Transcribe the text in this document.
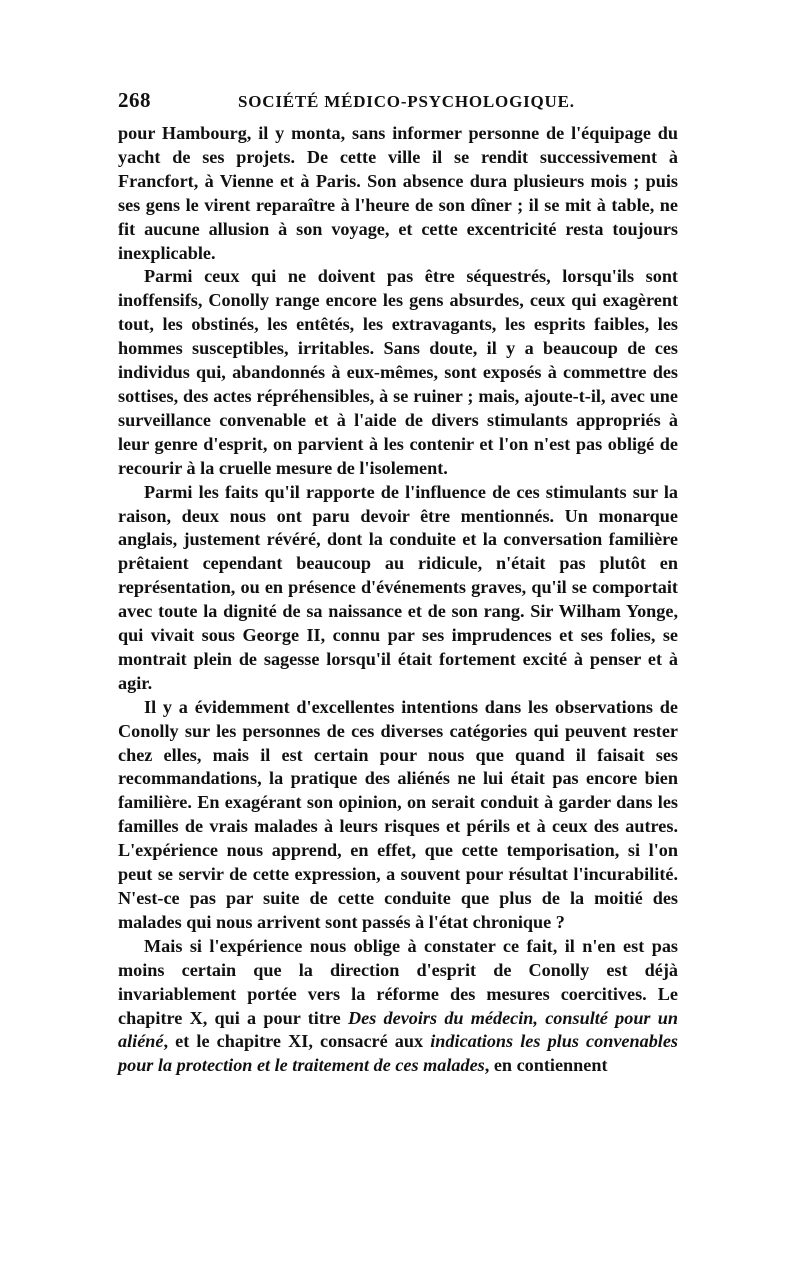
268	SOCIÉTÉ MÉDICO-PSYCHOLOGIQUE.

pour Hambourg, il y monta, sans informer personne de l'équipage du yacht de ses projets. De cette ville il se rendit successivement à Francfort, à Vienne et à Paris. Son absence dura plusieurs mois ; puis ses gens le virent reparaître à l'heure de son dîner ; il se mit à table, ne fit aucune allusion à son voyage, et cette excentricité resta toujours inexplicable.

Parmi ceux qui ne doivent pas être séquestrés, lorsqu'ils sont inoffensifs, Conolly range encore les gens absurdes, ceux qui exagèrent tout, les obstinés, les entêtés, les extravagants, les esprits faibles, les hommes susceptibles, irritables. Sans doute, il y a beaucoup de ces individus qui, abandonnés à eux-mêmes, sont exposés à commettre des sottises, des actes répréhensibles, à se ruiner ; mais, ajoute-t-il, avec une surveillance convenable et à l'aide de divers stimulants appropriés à leur genre d'esprit, on parvient à les contenir et l'on n'est pas obligé de recourir à la cruelle mesure de l'isolement.

Parmi les faits qu'il rapporte de l'influence de ces stimulants sur la raison, deux nous ont paru devoir être mentionnés. Un monarque anglais, justement révéré, dont la conduite et la conversation familière prêtaient cependant beaucoup au ridicule, n'était pas plutôt en représentation, ou en présence d'événements graves, qu'il se comportait avec toute la dignité de sa naissance et de son rang. Sir Wilham Yonge, qui vivait sous George II, connu par ses imprudences et ses folies, se montrait plein de sagesse lorsqu'il était fortement excité à penser et à agir.

Il y a évidemment d'excellentes intentions dans les observations de Conolly sur les personnes de ces diverses catégories qui peuvent rester chez elles, mais il est certain pour nous que quand il faisait ses recommandations, la pratique des aliénés ne lui était pas encore bien familière. En exagérant son opinion, on serait conduit à garder dans les familles de vrais malades à leurs risques et périls et à ceux des autres. L'expérience nous apprend, en effet, que cette temporisation, si l'on peut se servir de cette expression, a souvent pour résultat l'incurabilité. N'est-ce pas par suite de cette conduite que plus de la moitié des malades qui nous arrivent sont passés à l'état chronique ?

Mais si l'expérience nous oblige à constater ce fait, il n'en est pas moins certain que la direction d'esprit de Conolly est déjà invariablement portée vers la réforme des mesures coercitives. Le chapitre X, qui a pour titre Des devoirs du médecin, consulté pour un aliéné, et le chapitre XI, consacré aux indications les plus convenables pour la protection et le traitement de ces malades, en contiennent
